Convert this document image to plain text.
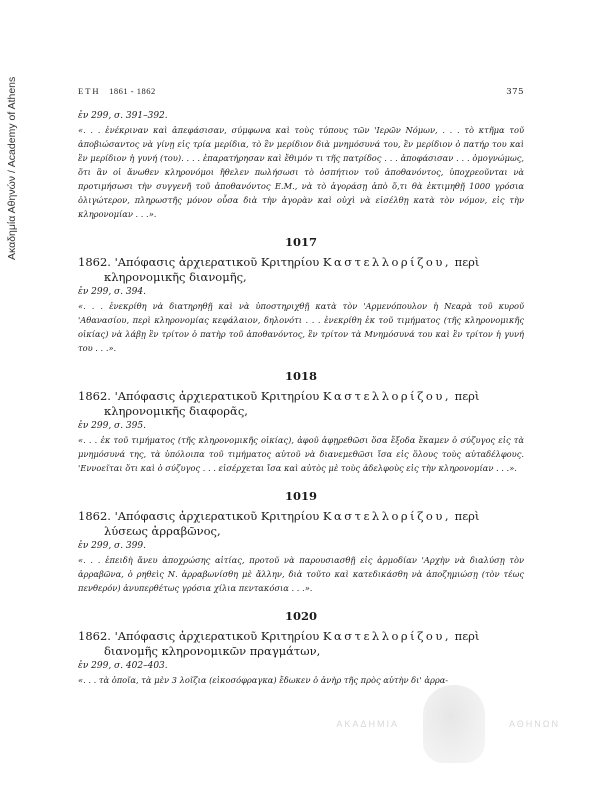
Ακαδημία Αθηνών / Academy of Athens	ΕΤΗ 1861 - 1862	375
ἐν 299, σ. 391–392.
«. . . ἐνέκριναν καὶ ἀπεφάσισαν, σύμφωνα καὶ τοὺς τύπους τῶν 'Ιερῶν Νόμων, . . . τὸ κτῆμα τοῦ ἀποβιώσαντος νὰ γίνῃ εἰς τρία μερίδια, τὸ ἓν μερίδιον διὰ μνημόσυνά του, ἓν μερίδιον ὁ πατήρ του καὶ ἓν μερίδιον ἡ γυνή (του). . . . ἐπαρατήρησαν καὶ ἔθιμόν τι τῆς πατρίδος . . . ἀποφάσισαν . . . ὁμογνώμως, ὅτι ἂν οἱ ἄνωθεν κληρονόμοι ἤθελεν πωλήσωσι τὸ ὁσπήτιον τοῦ ἀποθανόντος, ὑποχρεοῦνται νὰ προτιμήσωσι τὴν συγγενῆ τοῦ ἀποθανόντος Ε.Μ., νὰ τὸ ἀγοράσῃ ἀπὸ ὅ,τι θὰ ἐκτιμηθῇ 1000 γρόσια ὀλιγώτερον, πληρωστῆς μόνον οὖσα διὰ τὴν ἀγορὰν καὶ οὐχὶ νὰ εἰσέλθῃ κατὰ τὸν νόμον, εἰς τὴν κληρονομίαν . . .».
1017
1862. 'Απόφασις ἀρχιερατικοῦ Κριτηρίου Καστελλορίζου, περὶ κληρονομικῆς διανομῆς,
ἐν 299, σ. 394.
«. . . ἐνεκρίθη νὰ διατηρηθῇ καὶ νὰ ὑποστηριχθῇ κατὰ τὸν 'Αρμενόπουλον ἡ Νεαρὰ τοῦ κυροῦ 'Αθανασίου, περὶ κληρονομίας κεφάλαιον, δηλονότι . . . ἐνεκρίθη ἐκ τοῦ τιμήματος (τῆς κληρονομικῆς οἰκίας) νὰ λάβῃ ἓν τρίτον ὁ πατὴρ τοῦ ἀποθανόντος, ἓν τρίτον τὰ Μνημόσυνά του καὶ ἓν τρίτον ἡ γυνή του . . .».
1018
1862. 'Απόφασις ἀρχιερατικοῦ Κριτηρίου Καστελλορίζου, περὶ κληρονομικῆς διαφορᾶς,
ἐν 299, σ. 395.
«. . . ἐκ τοῦ τιμήματος (τῆς κληρονομικῆς οἰκίας), ἀφοῦ ἀφῃρεθῶσι ὅσα ἔξοδα ἔκαμεν ὁ σύζυγος εἰς τὰ μνημόσυνά της, τὰ ὑπόλοιπα τοῦ τιμήματος αὐτοῦ νὰ διανεμεθῶσι ἴσα εἰς ὅλους τοὺς αὐταδέλφους. 'Εννοεῖται ὅτι καὶ ὁ σύζυγος . . . εἰσέρχεται ἴσα καὶ αὐτὸς μὲ τοὺς ἀδελφοὺς εἰς τὴν κληρονομίαν . . .».
1019
1862. 'Απόφασις ἀρχιερατικοῦ Κριτηρίου Καστελλορίζου, περὶ λύσεως ἀρραβῶνος,
ἐν 299, σ. 399.
«. . . ἐπειδὴ ἄνευ ἀποχρώσης αἰτίας, προτοῦ νὰ παρουσιασθῇ εἰς ἁρμοδίαν 'Αρχὴν νὰ διαλύσῃ τὸν ἀρραβῶνα, ὁ ρηθεὶς Ν. ἀρραβωνίσθη μὲ ἄλλην, διὰ τοῦτο καὶ κατεδικάσθη νὰ ἀποζημιώσῃ (τὸν τέως πενθερόν) ἀνυπερθέτως γρόσια χίλια πεντακόσια . . .».
1020
1862. 'Απόφασις ἀρχιερατικοῦ Κριτηρίου Καστελλορίζου, περὶ διανομῆς κληρονομικῶν πραγμάτων,
ἐν 299, σ. 402–403.
«. . . τὰ ὁποῖα, τὰ μὲν 3 λοῖζια (εἰκοσόφραγκα) ἔδωκεν ὁ ἀνὴρ τῆς πρὸς αὐτὴν δι' ἀρρα-
ΑΚΑΔΗΜΙΑ	ΑΘΗΝΩΝ
